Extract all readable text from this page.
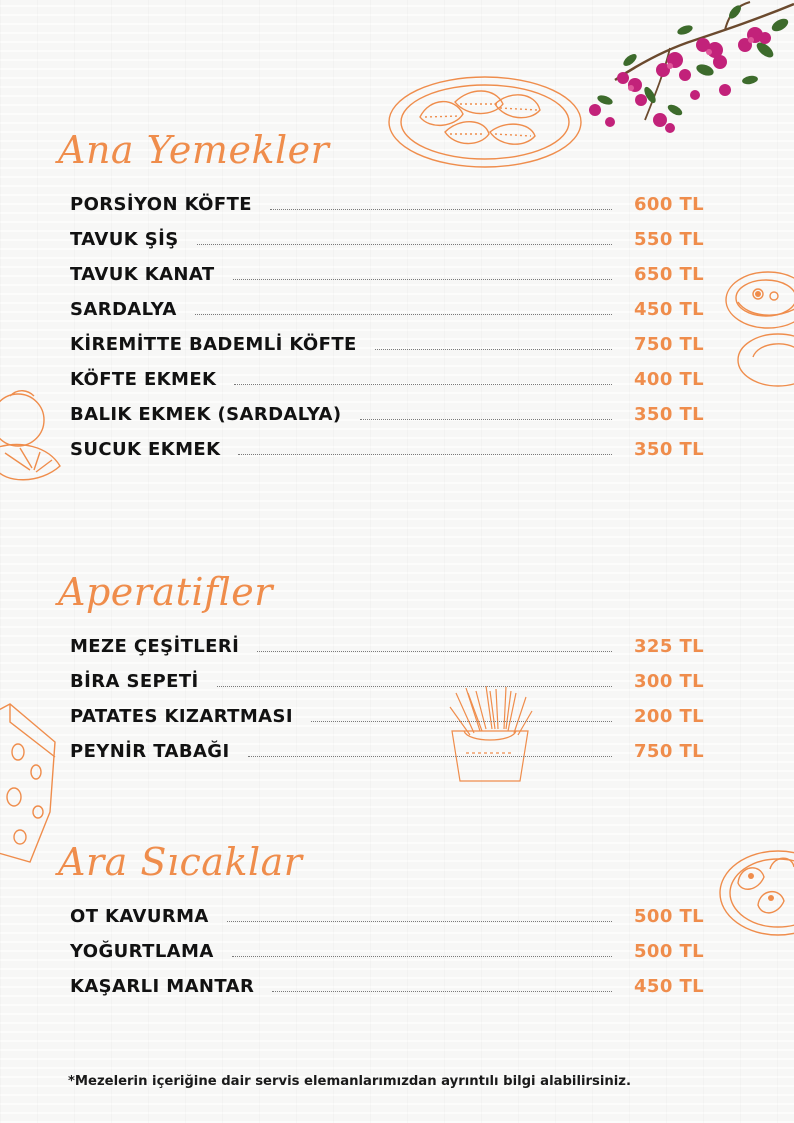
Ana Yemekler
PORSİYON KÖFTE	600 TL
TAVUK ŞİŞ	550 TL
TAVUK KANAT	650 TL
SARDALYA	450 TL
KİREMİTTE BADEMLİ KÖFTE	750 TL
KÖFTE EKMEK	400 TL
BALIK EKMEK (SARDALYA)	350 TL
SUCUK EKMEK	350 TL
Aperatifler
MEZE ÇEŞİTLERİ	325 TL
BİRA SEPETİ	300 TL
PATATES KIZARTMASI	200 TL
PEYNİR TABAĞI	750 TL
Ara Sıcaklar
OT KAVURMA	500 TL
YOĞURTLAMA	500 TL
KAŞARLI MANTAR	450 TL

*Mezelerin içeriğine dair servis elemanlarımızdan ayrıntılı bilgi alabilirsiniz.
